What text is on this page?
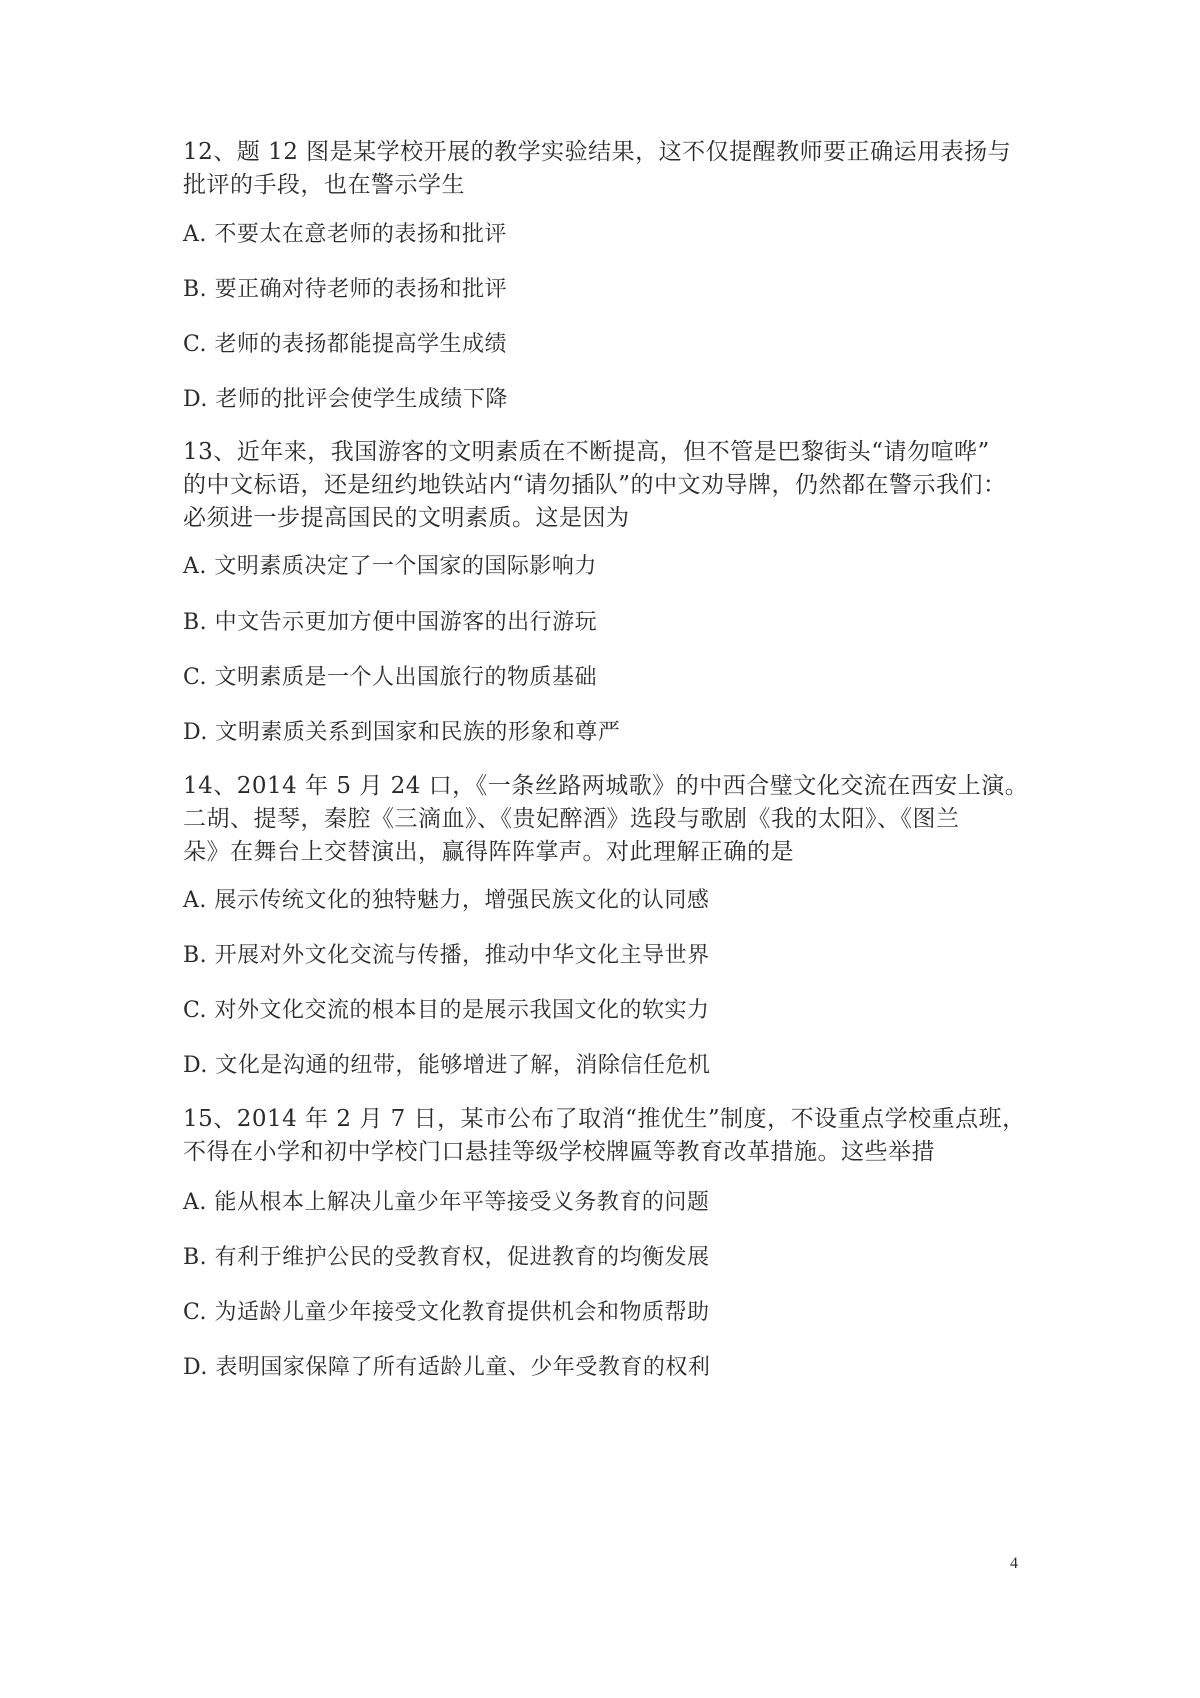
12、题 12 图是某学校开展的教学实验结果，这不仅提醒教师要正确运用表扬与
批评的手段，也在警示学生
A. 不要太在意老师的表扬和批评
B. 要正确对待老师的表扬和批评
C. 老师的表扬都能提高学生成绩
D. 老师的批评会使学生成绩下降
13、近年来，我国游客的文明素质在不断提高，但不管是巴黎街头“请勿喧哗”
的中文标语，还是纽约地铁站内“请勿插队”的中文劝导牌，仍然都在警示我们：
必须进一步提高国民的文明素质。这是因为
A. 文明素质决定了一个国家的国际影响力
B. 中文告示更加方便中国游客的出行游玩
C. 文明素质是一个人出国旅行的物质基础
D. 文明素质关系到国家和民族的形象和尊严
14、2014 年 5 月 24 口，《一条丝路两城歌》的中西合璧文化交流在西安上演。
二胡、提琴，秦腔《三滴血》、《贵妃醉酒》选段与歌剧《我的太阳》、《图兰
朵》在舞台上交替演出，赢得阵阵掌声。对此理解正确的是
A. 展示传统文化的独特魅力，增强民族文化的认同感
B. 开展对外文化交流与传播，推动中华文化主导世界
C. 对外文化交流的根本目的是展示我国文化的软实力
D. 文化是沟通的纽带，能够增进了解，消除信任危机
15、2014 年 2 月 7 日，某市公布了取消“推优生”制度，不设重点学校重点班，
不得在小学和初中学校门口悬挂等级学校牌匾等教育改革措施。这些举措
A. 能从根本上解决儿童少年平等接受义务教育的问题
B. 有利于维护公民的受教育权，促进教育的均衡发展
C. 为适龄儿童少年接受文化教育提供机会和物质帮助
D. 表明国家保障了所有适龄儿童、少年受教育的权利
4
